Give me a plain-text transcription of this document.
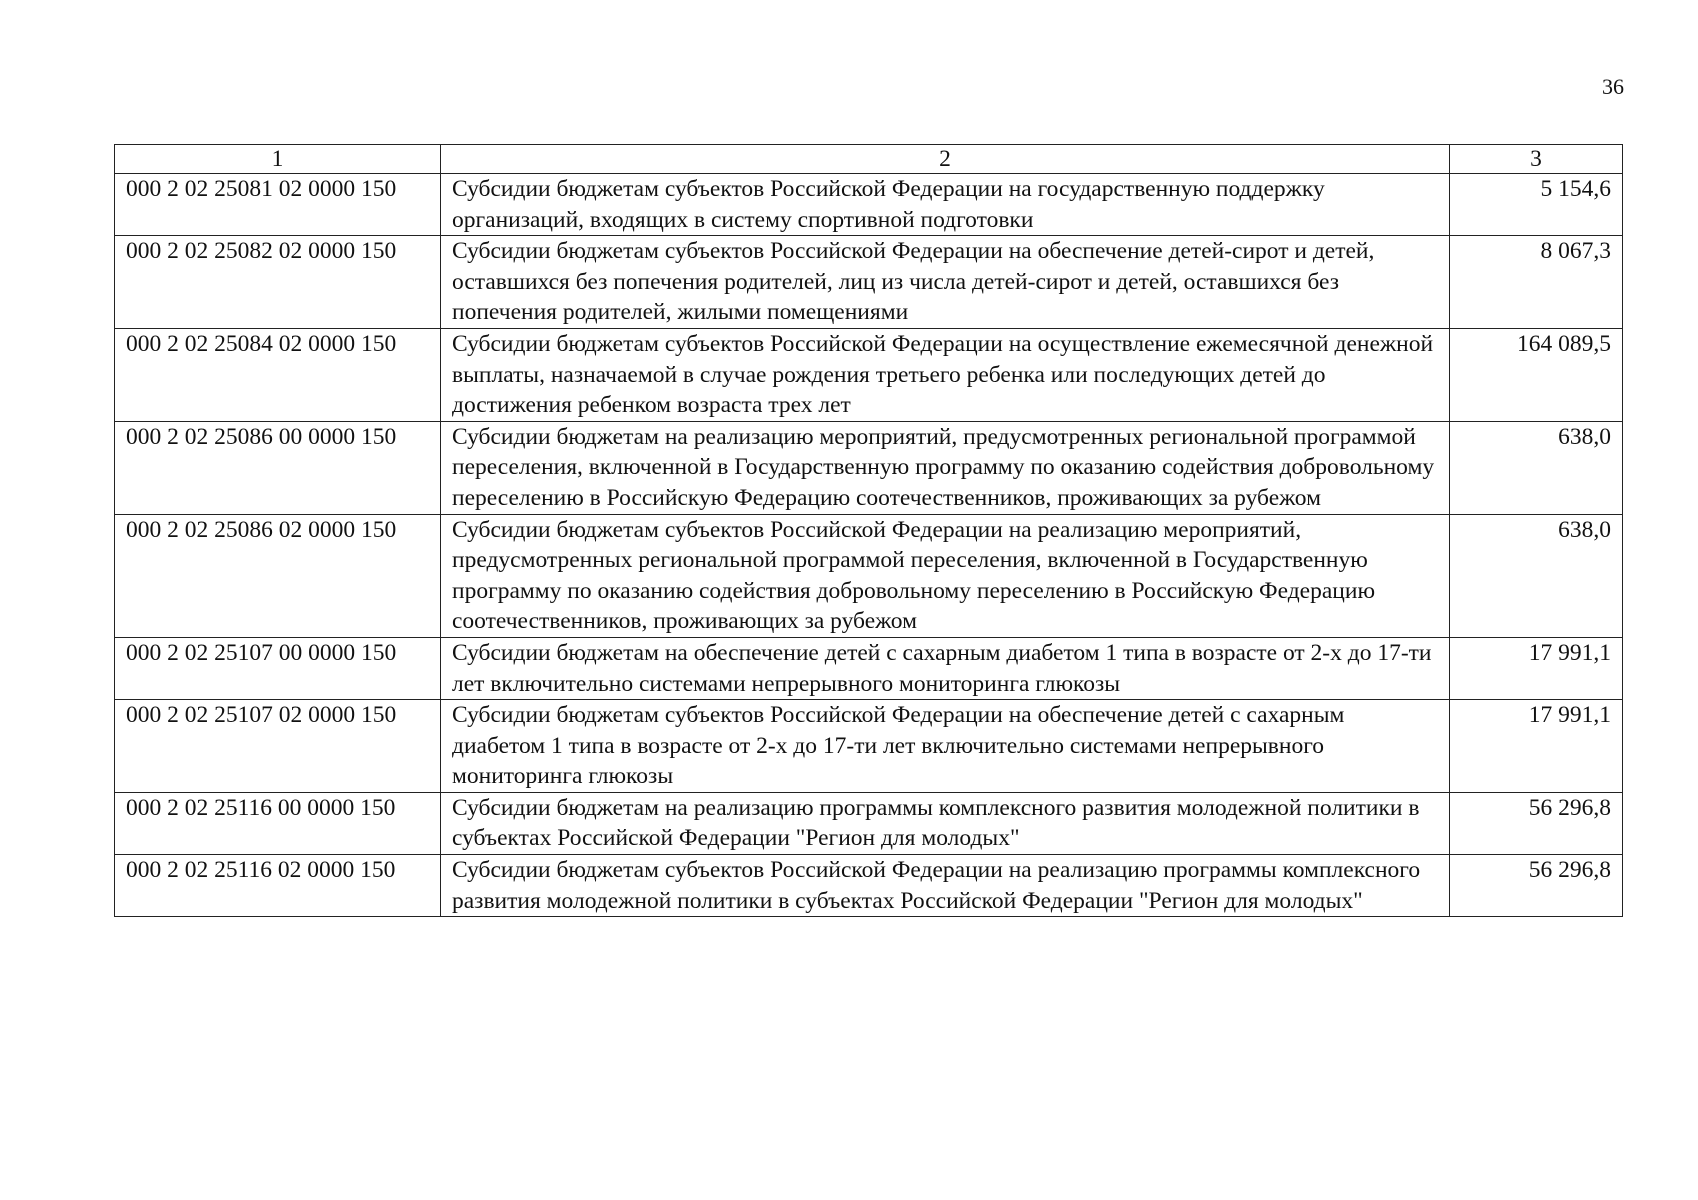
36
1	2	3
000 2 02 25081 02 0000 150	Субсидии бюджетам субъектов Российской Федерации на государственную поддержку организаций, входящих в систему спортивной подготовки	5 154,6
000 2 02 25082 02 0000 150	Субсидии бюджетам субъектов Российской Федерации на обеспечение детей-сирот и детей, оставшихся без попечения родителей, лиц из числа детей-сирот и детей, оставшихся без попечения родителей, жилыми помещениями	8 067,3
000 2 02 25084 02 0000 150	Субсидии бюджетам субъектов Российской Федерации на осуществление ежемесячной денежной выплаты, назначаемой в случае рождения третьего ребенка или последующих детей до достижения ребенком возраста трех лет	164 089,5
000 2 02 25086 00 0000 150	Субсидии бюджетам на реализацию мероприятий, предусмотренных региональной программой переселения, включенной в Государственную программу по оказанию содействия добровольному переселению в Российскую Федерацию соотечественников, проживающих за рубежом	638,0
000 2 02 25086 02 0000 150	Субсидии бюджетам субъектов Российской Федерации на реализацию мероприятий, предусмотренных региональной программой переселения, включенной в Государственную программу по оказанию содействия добровольному переселению в Российскую Федерацию соотечественников, проживающих за рубежом	638,0
000 2 02 25107 00 0000 150	Субсидии бюджетам на обеспечение детей с сахарным диабетом 1 типа в возрасте от 2-х до 17-ти лет включительно системами непрерывного мониторинга глюкозы	17 991,1
000 2 02 25107 02 0000 150	Субсидии бюджетам субъектов Российской Федерации на обеспечение детей с сахарным диабетом 1 типа в возрасте от 2-х до 17-ти лет включительно системами непрерывного мониторинга глюкозы	17 991,1
000 2 02 25116 00 0000 150	Субсидии бюджетам на реализацию программы комплексного развития молодежной политики в субъектах Российской Федерации "Регион для молодых"	56 296,8
000 2 02 25116 02 0000 150	Субсидии бюджетам субъектов Российской Федерации на реализацию программы комплексного развития молодежной политики в субъектах Российской Федерации "Регион для молодых"	56 296,8
